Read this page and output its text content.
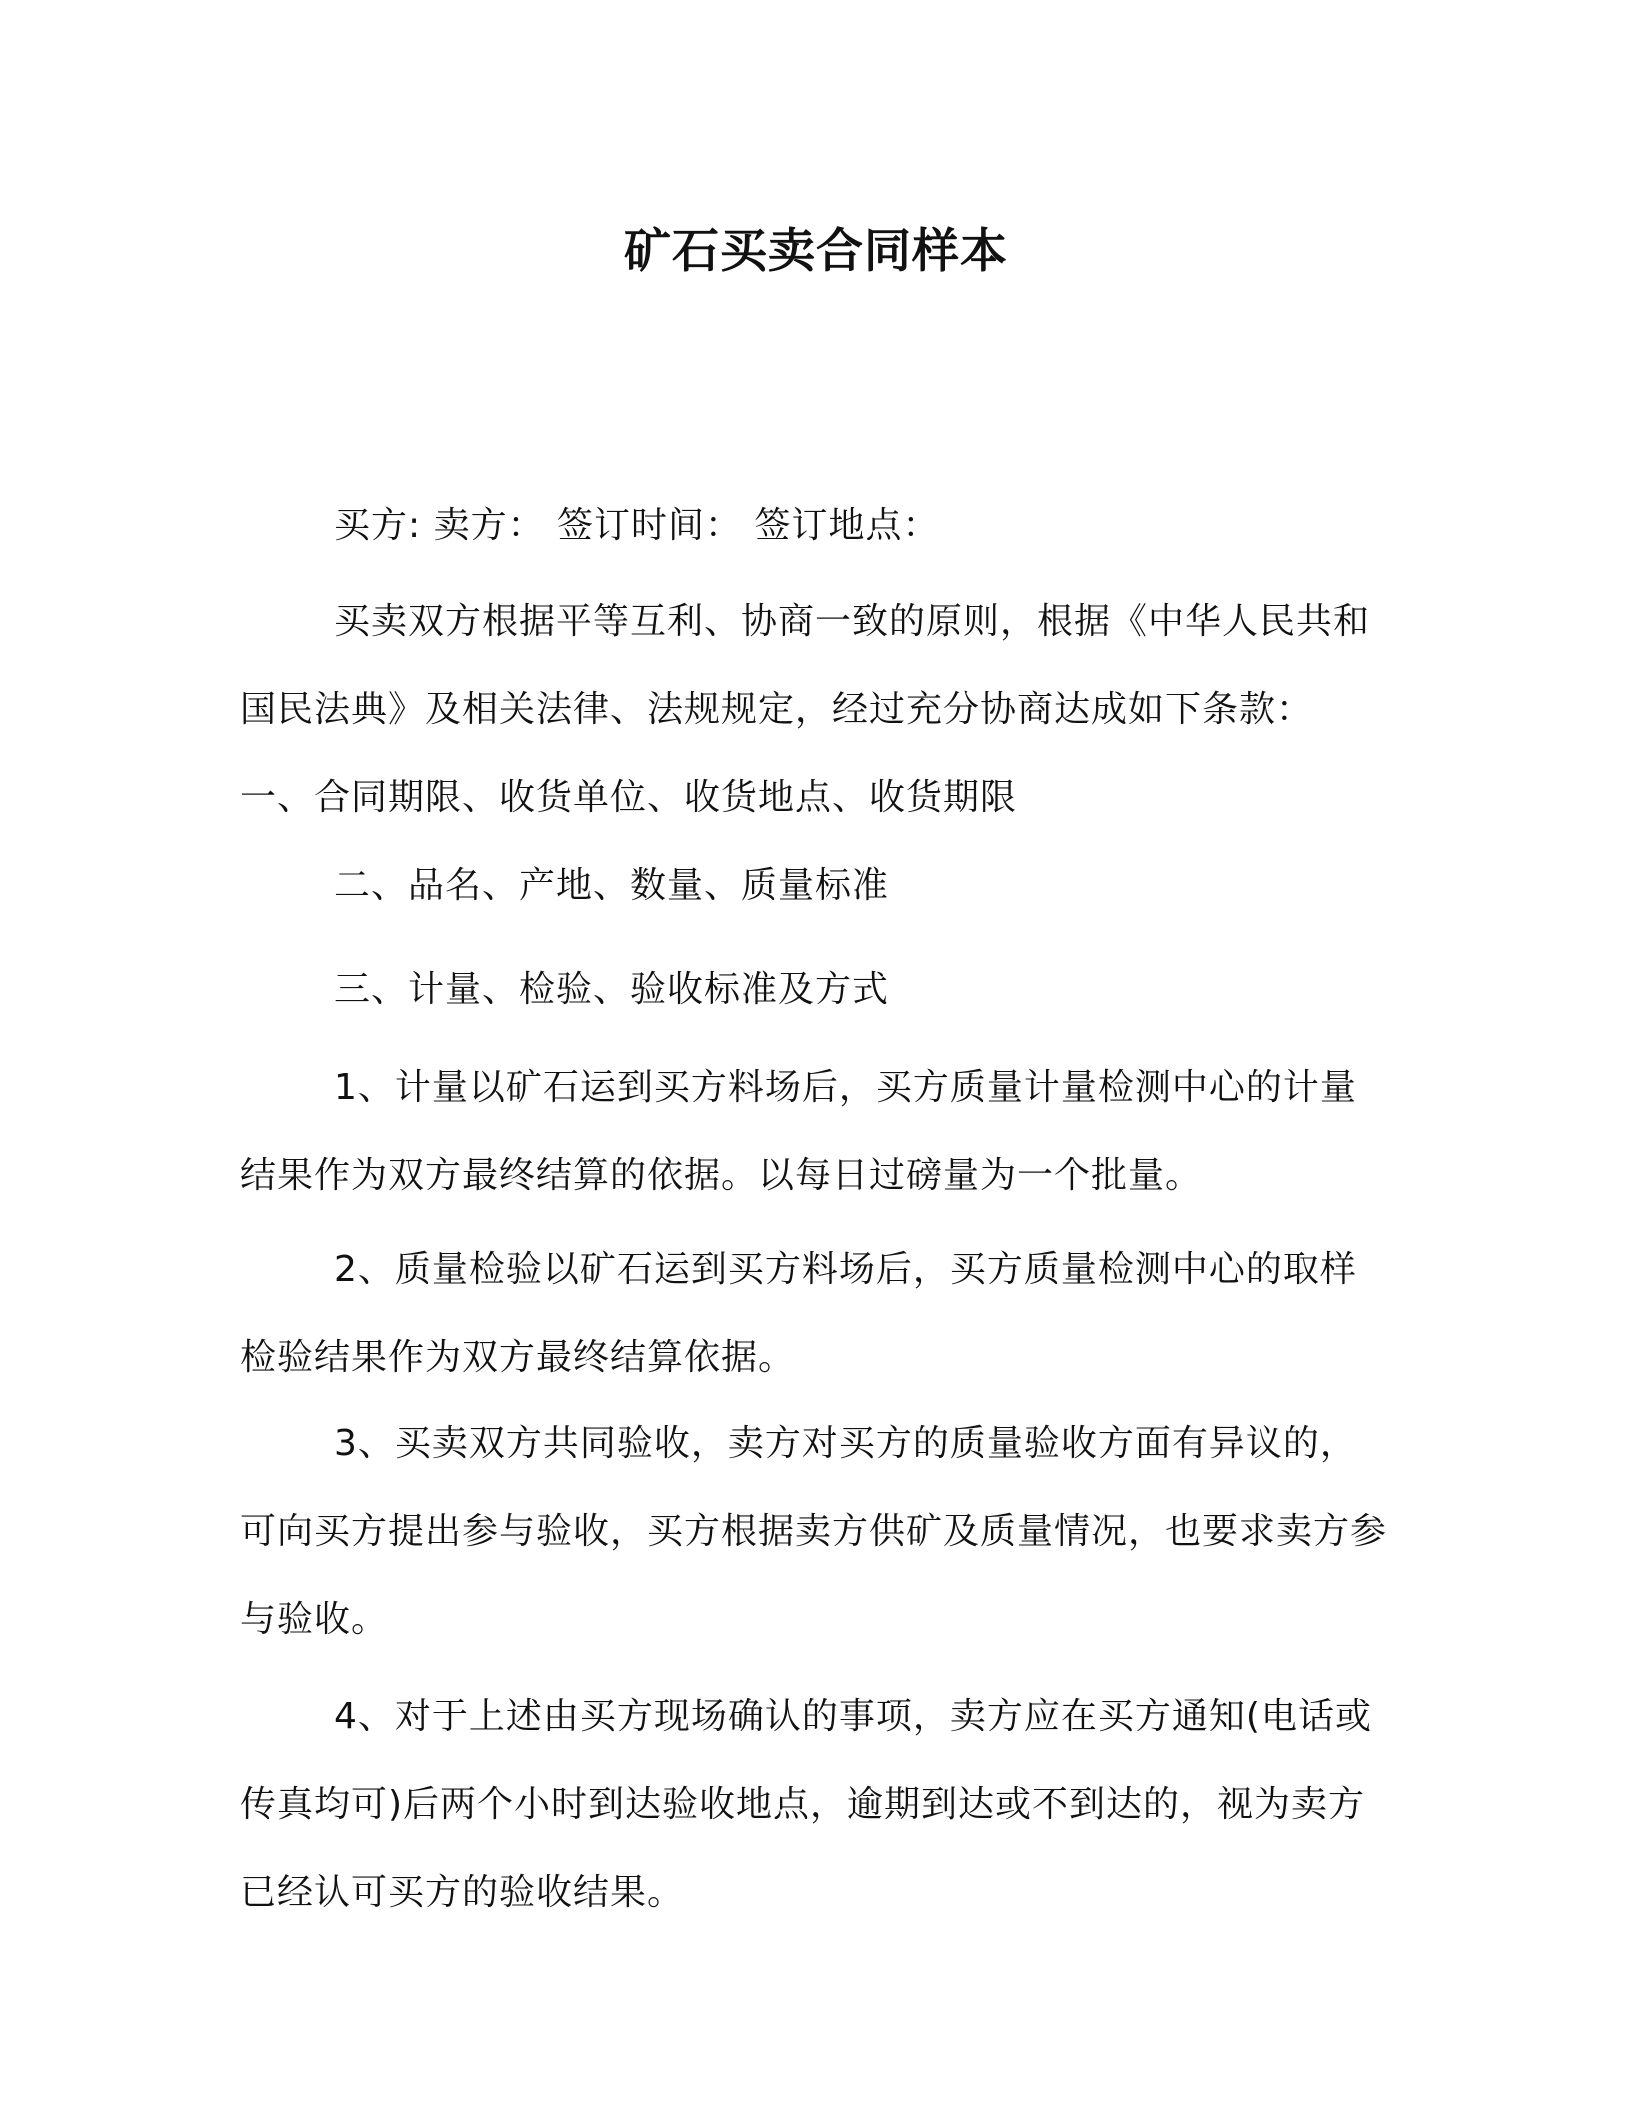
矿石买卖合同样本

买方: 卖方： 签订时间： 签订地点：

买卖双方根据平等互利、协商一致的原则，根据《中华人民共和国民法典》及相关法律、法规规定，经过充分协商达成如下条款： 一、合同期限、收货单位、收货地点、收货期限

二、品名、产地、数量、质量标准

三、计量、检验、验收标准及方式

1、计量以矿石运到买方料场后，买方质量计量检测中心的计量结果作为双方最终结算的依据。以每日过磅量为一个批量。

2、质量检验以矿石运到买方料场后，买方质量检测中心的取样检验结果作为双方最终结算依据。

3、买卖双方共同验收，卖方对买方的质量验收方面有异议的，可向买方提出参与验收，买方根据卖方供矿及质量情况，也要求卖方参与验收。

4、对于上述由买方现场确认的事项，卖方应在买方通知(电话或传真均可)后两个小时到达验收地点，逾期到达或不到达的，视为卖方已经认可买方的验收结果。
